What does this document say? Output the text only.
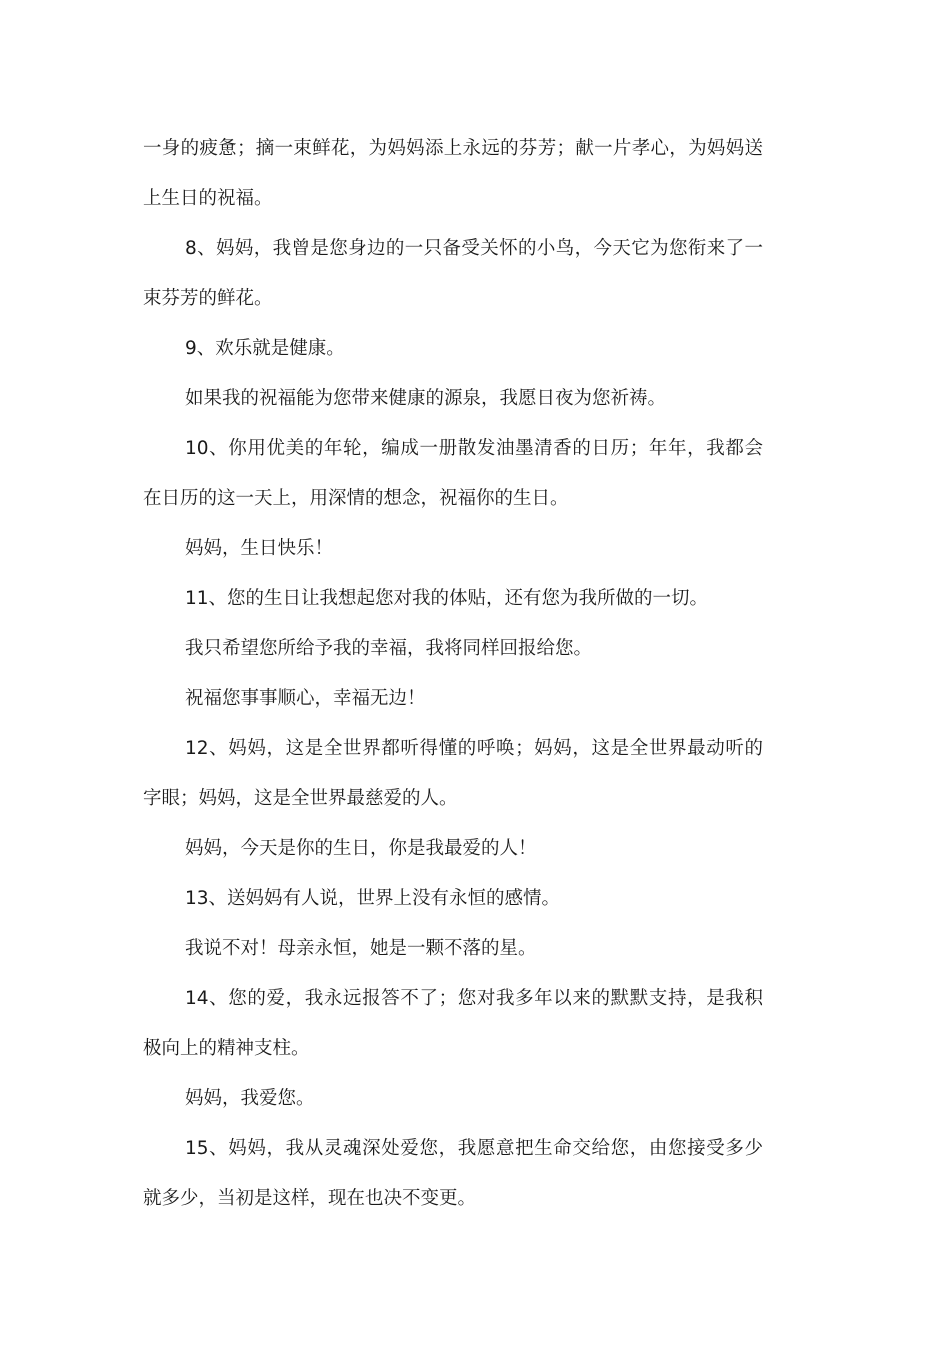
一身的疲惫；摘一束鲜花，为妈妈添上永远的芬芳；献一片孝心，为妈妈送上生日的祝福。

8、妈妈，我曾是您身边的一只备受关怀的小鸟，今天它为您衔来了一束芬芳的鲜花。

9、欢乐就是健康。

如果我的祝福能为您带来健康的源泉，我愿日夜为您祈祷。

10、你用优美的年轮，编成一册散发油墨清香的日历；年年，我都会在日历的这一天上，用深情的想念，祝福你的生日。

妈妈，生日快乐！

11、您的生日让我想起您对我的体贴，还有您为我所做的一切。

我只希望您所给予我的幸福，我将同样回报给您。

祝福您事事顺心，幸福无边！

12、妈妈，这是全世界都听得懂的呼唤；妈妈，这是全世界最动听的字眼；妈妈，这是全世界最慈爱的人。

妈妈，今天是你的生日，你是我最爱的人！

13、送妈妈有人说，世界上没有永恒的感情。

我说不对！母亲永恒，她是一颗不落的星。

14、您的爱，我永远报答不了；您对我多年以来的默默支持，是我积极向上的精神支柱。

妈妈，我爱您。

15、妈妈，我从灵魂深处爱您，我愿意把生命交给您，由您接受多少就多少，当初是这样，现在也决不变更。
